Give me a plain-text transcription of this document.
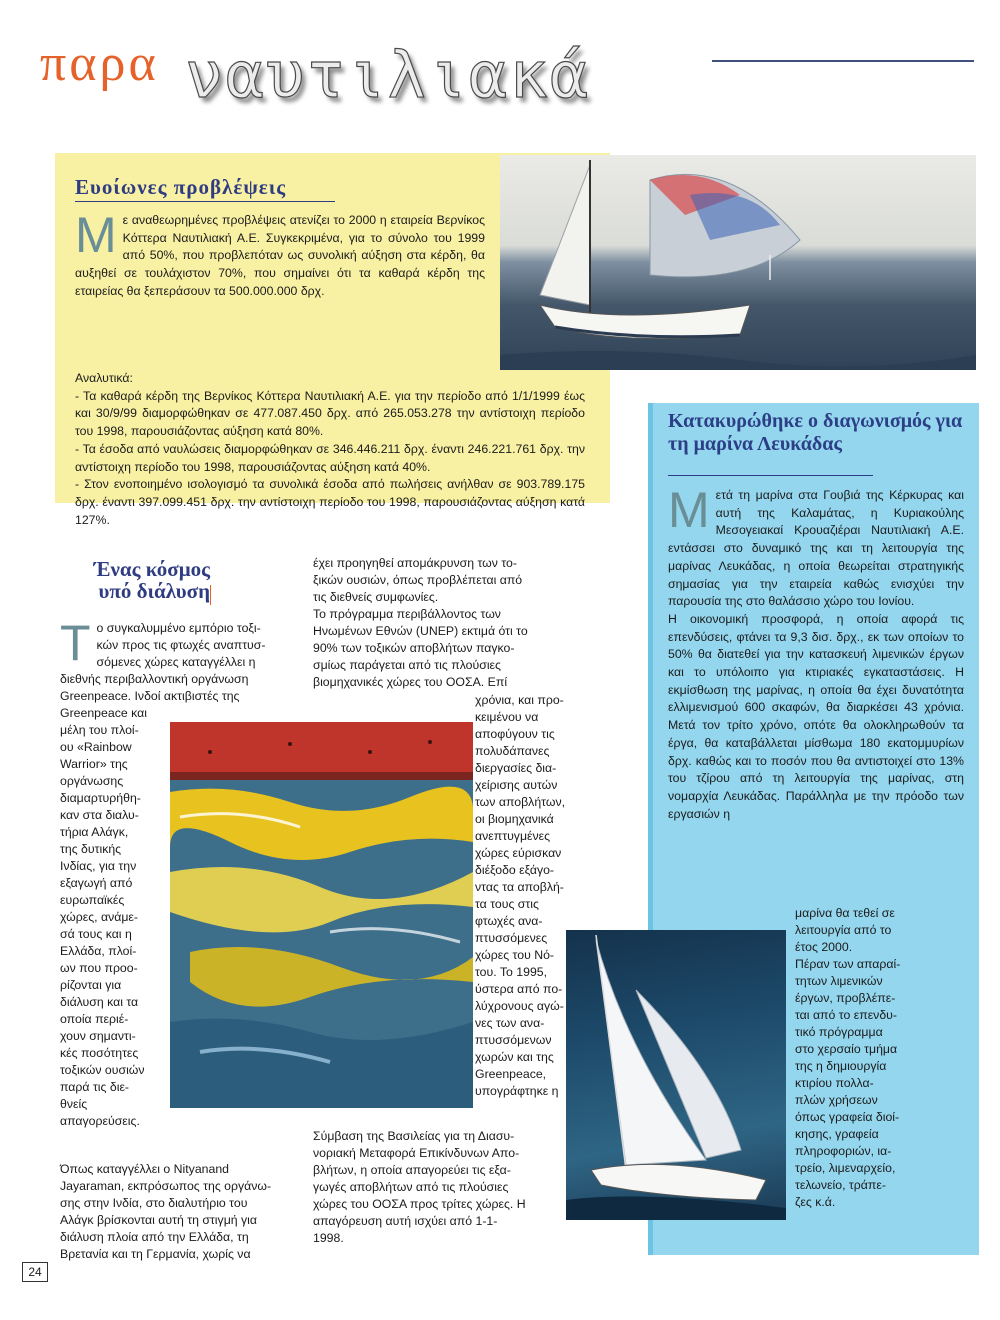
παρα ναυτιλιακά
Ευοίωνες προβλέψεις
Μ ε αναθεωρημένες προβλέψεις ατενίζει το 2000 η εταιρεία Βερνίκος Κόττερα Ναυτιλιακή Α.Ε. Συγκεκριμένα, για το σύνολο του 1999 από 50%, που προβλεπόταν ως συνολική αύξηση στα κέρδη, θα αυξηθεί σε τουλάχιστον 70%, που σημαίνει ότι τα καθαρά κέρδη της εταιρείας θα ξεπεράσουν τα 500.000.000 δρχ.
Αναλυτικά:
- Τα καθαρά κέρδη της Βερνίκος Κόττερα Ναυτιλιακή Α.Ε. για την περίοδο από 1/1/1999 έως και 30/9/99 διαμορφώθηκαν σε 477.087.450 δρχ. από 265.053.278 την αντίστοιχη περίοδο του 1998, παρουσιάζοντας αύξηση κατά 80%.
- Τα έσοδα από ναυλώσεις διαμορφώθηκαν σε 346.446.211 δρχ. έναντι 246.221.761 δρχ. την αντίστοιχη περίοδο του 1998, παρουσιάζοντας αύξηση κατά 40%.
- Στον ενοποιημένο ισολογισμό τα συνολικά έσοδα από πωλήσεις ανήλθαν σε 903.789.175 δρχ. έναντι 397.099.451 δρχ. την αντίστοιχη περίοδο του 1998, παρουσιάζοντας αύξηση κατά 127%.
Κατακυρώθηκε ο διαγωνισμός για τη μαρίνα Λευκάδας
Μ ετά τη μαρίνα στα Γουβιά της Κέρκυρας και αυτή της Καλαμάτας, η Κυριακούλης Μεσογειακαί Κρουαζιέραι Ναυτιλιακή Α.Ε. εντάσσει στο δυναμικό της και τη λειτουργία της μαρίνας Λευκάδας, η οποία θεωρείται στρατηγικής σημασίας για την εταιρεία καθώς ενισχύει την παρουσία της στο θαλάσσιο χώρο του Ιονίου.
Η οικονομική προσφορά, η οποία αφορά τις επενδύσεις, φτάνει τα 9,3 δισ. δρχ., εκ των οποίων το 50% θα διατεθεί για την κατασκευή λιμενικών έργων και το υπόλοιπο για κτιριακές εγκαταστάσεις. Η εκμίσθωση της μαρίνας, η οποία θα έχει δυνατότητα ελλιμενισμού 600 σκαφών, θα διαρκέσει 43 χρόνια. Μετά τον τρίτο χρόνο, οπότε θα ολοκληρωθούν τα έργα, θα καταβάλλεται μίσθωμα 180 εκατομμυρίων δρχ. καθώς και το ποσόν που θα αντιστοιχεί στο 13% του τζίρου από τη λειτουργία της μαρίνας, στη νομαρχία Λευκάδας. Παράλληλα με την πρόοδο των εργασιών η
μαρίνα θα τεθεί σε
λειτουργία από το
έτος 2000.
Πέραν των απαραί-
τητων λιμενικών
έργων, προβλέπε-
ται από το επενδυ-
τικό πρόγραμμα
στο χερσαίο τμήμα
της η δημιουργία
κτιρίου πολλα-
πλών χρήσεων
όπως γραφεία διοί-
κησης, γραφεία
πληροφοριών, ια-
τρείο, λιμεναρχείο,
τελωνείο, τράπε-
ζες κ.ά.
Ένας κόσμος
υπό διάλυση
Το συγκαλυμμένο εμπόριο τοξι-
κών προς τις φτωχές αναπτυσ-
σόμενες χώρες καταγγέλλει η
διεθνής περιβαλλοντική οργάνωση
Greenpeace. Ινδοί ακτιβιστές της
Greenpeace και
μέλη του πλοί-
ου «Rainbow
Warrior» της
οργάνωσης
διαμαρτυρήθη-
καν στα διαλυ-
τήρια Αλάγκ,
της δυτικής
Ινδίας, για την
εξαγωγή από
ευρωπαϊκές
χώρες, ανάμε-
σά τους και η
Ελλάδα, πλοί-
ων που προο-
ρίζονται για
διάλυση και τα
οποία περιέ-
χουν σημαντι-
κές ποσότητες
τοξικών ουσιών
παρά τις διε-
θνείς απαγορεύσεις.
Όπως καταγγέλλει ο Nityanand
Jayaraman, εκπρόσωπος της οργάνω-
σης στην Ινδία, στο διαλυτήριο του
Αλάγκ βρίσκονται αυτή τη στιγμή για
διάλυση πλοία από την Ελλάδα, τη
Βρετανία και τη Γερμανία, χωρίς να
έχει προηγηθεί απομάκρυνση των το-
ξικών ουσιών, όπως προβλέπεται από
τις διεθνείς συμφωνίες.
Το πρόγραμμα περιβάλλοντος των
Ηνωμένων Εθνών (UNEP) εκτιμά ότι το
90% των τοξικών αποβλήτων παγκο-
σμίως παράγεται από τις πλούσιες
βιομηχανικές χώρες του ΟΟΣΑ. Επί
χρόνια, και προ-
κειμένου να
αποφύγουν τις
πολυδάπανες
διεργασίες δια-
χείρισης αυτών
των αποβλήτων,
οι βιομηχανικά
ανεπτυγμένες
χώρες εύρισκαν
διέξοδο εξάγο-
ντας τα αποβλή-
τα τους στις
φτωχές ανα-
πτυσσόμενες
χώρες του Νό-
του. Το 1995,
ύστερα από πο-
λύχρονους αγώ-
νες των ανα-
πτυσσόμενων
χωρών και της
Greenpeace,
υπογράφτηκε η
Σύμβαση της Βασιλείας για τη Διασυ-
νοριακή Μεταφορά Επικίνδυνων Απο-
βλήτων, η οποία απαγορεύει τις εξα-
γωγές αποβλήτων από τις πλούσιες
χώρες του ΟΟΣΑ προς τρίτες χώρες. Η
απαγόρευση αυτή ισχύει από 1-1-
1998.
24
